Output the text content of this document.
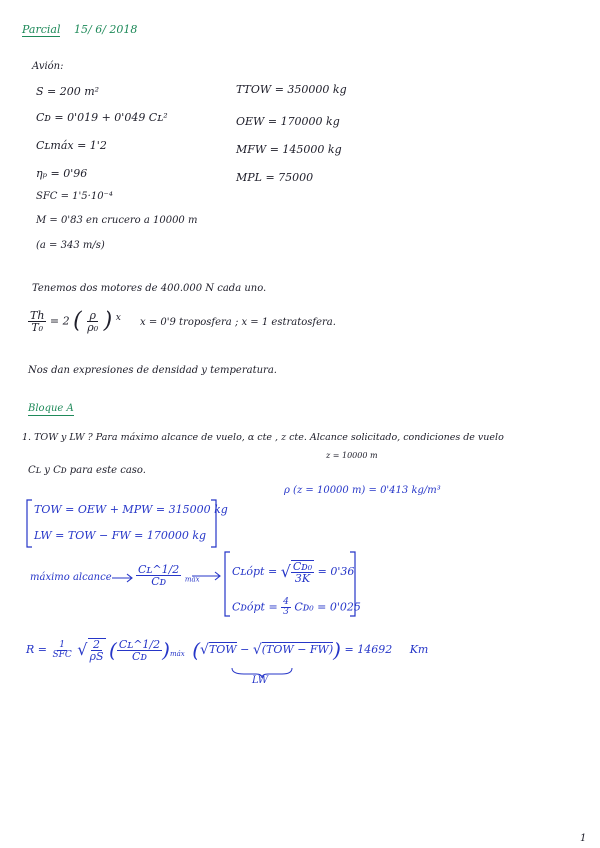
Parcial 15/ 6/ 2018
Avión:
S = 200 m²
Cᴅ = 0'019 + 0'049 Cʟ²
Cʟmáx = 1'2
ηₚ = 0'96
SFC = 1'5·10⁻⁴
M = 0'83 en crucero a 10000 m
(a = 343 m/s)
TTOW = 350000 kg
OEW = 170000 kg
MFW = 145000 kg
MPL = 75000
Tenemos dos motores de 400.000 N cada uno.
$\frac{Th}{\text{T₀}} = 2$ ( $\frac{\rho}{\text{ρ₀}}$ ) $^x$ x = 0'9 troposfera ; x = 1 estratosfera.
Nos dan expresiones de densidad y temperatura.
Bloque A
1. TOW y LW ? Para máximo alcance de vuelo, α cte , z cte. Alcance solicitado, condiciones de vuelo
z = 10000 m
Cʟ y Cᴅ para este caso.
ρ (z = 10000 m) = 0'413 kg/m³
TOW = OEW + MPW = 315000 kg
LW = TOW − FW = 170000 kg
máximo alcance $\frac{\text{Cʟ\textasciicircum{}1/2}}{\text{Cᴅ}} _{máx}$
Cʟópt = √ $\frac{\text{Cᴅ₀}}{3K} = 0'36$
Cᴅópt = $\frac{4}{3}$ Cᴅ₀ = 0'025
$R = \frac{1}{\text{SFC}}$ √ $\frac{2}{\rho S}$ ( $\frac{\text{Cʟ\textasciicircum{}1/2}}{\text{Cᴅ}} )_{máx}$ (√TOW − √(TOW − FW)) = 14692 Km
LW
1
